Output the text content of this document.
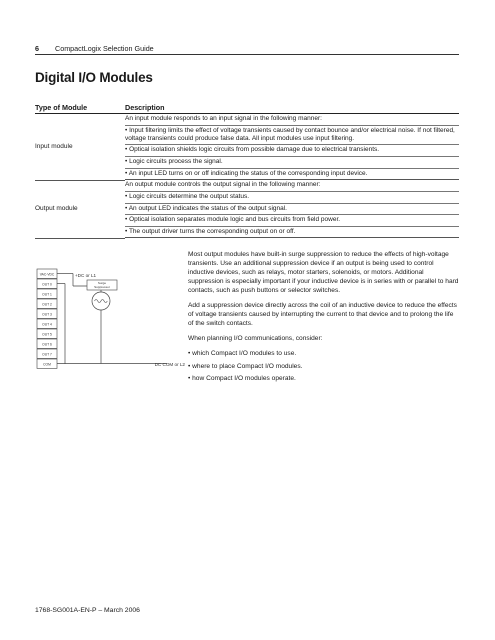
6 CompactLogix Selection Guide
Digital I/O Modules
Type of Module	Description
Input module	An input module responds to an input signal in the following manner:
• Input filtering limits the effect of voltage transients caused by contact bounce and/or electrical noise. If not filtered, voltage transients could produce false data. All input modules use input filtering.
• Optical isolation shields logic circuits from possible damage due to electrical transients.
• Logic circuits process the signal.
• An input LED turns on or off indicating the status of the corresponding input device.

Output module	An output module controls the output signal in the following manner:
• Logic circuits determine the output status.
• An output LED indicates the status of the output signal.
• Optical isolation separates module logic and bus circuits from field power.
• The output driver turns the corresponding output on or off.
VAC-VDC
OUT 0
OUT 1
OUT 2
OUT 3
OUT 4
OUT 5
OUT 6
OUT 7
COM
Surge
Suppressor
+DC or L1
DC COM or L2

Most output modules have built-in surge suppression to reduce the effects of high-voltage transients. Use an additional suppression device if an output is being used to control inductive devices, such as relays, motor starters, solenoids, or motors. Additional suppression is especially important if your inductive device is in series with or parallel to hard contacts, such as push buttons or selector switches.

Add a suppression device directly across the coil of an inductive device to reduce the effects of voltage transients caused by interrupting the current to that device and to prolong the life of the switch contacts.

When planning I/O communications, consider:

• which Compact I/O modules to use.
• where to place Compact I/O modules.
• how Compact I/O modules operate.
1768-SG001A-EN-P – March 2006
